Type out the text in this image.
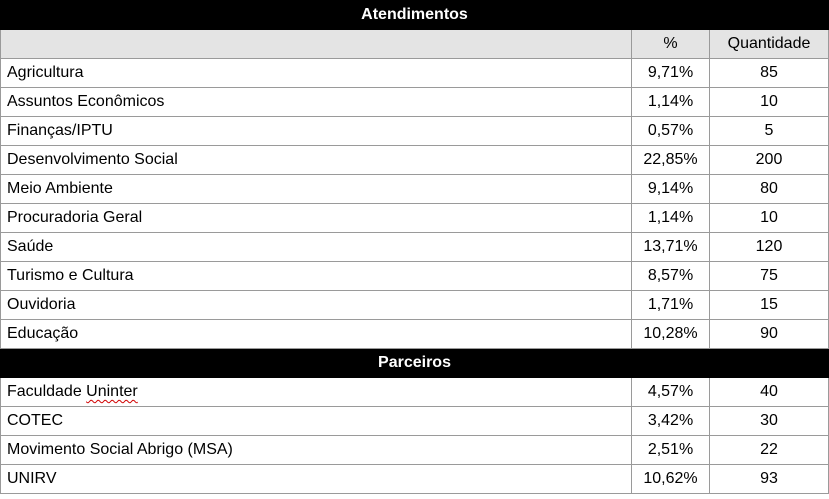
Atendimentos		
	%	Quantidade
Agricultura	9,71%	85
Assuntos Econômicos	1,14%	10
Finanças/IPTU	0,57%	5
Desenvolvimento Social	22,85%	200
Meio Ambiente	9,14%	80
Procuradoria Geral	1,14%	10
Saúde	13,71%	120
Turismo e Cultura	8,57%	75
Ouvidoria	1,71%	15
Educação	10,28%	90
Parceiros		
Faculdade Uninter	4,57%	40
COTEC	3,42%	30
Movimento Social Abrigo (MSA)	2,51%	22
UNIRV	10,62%	93
